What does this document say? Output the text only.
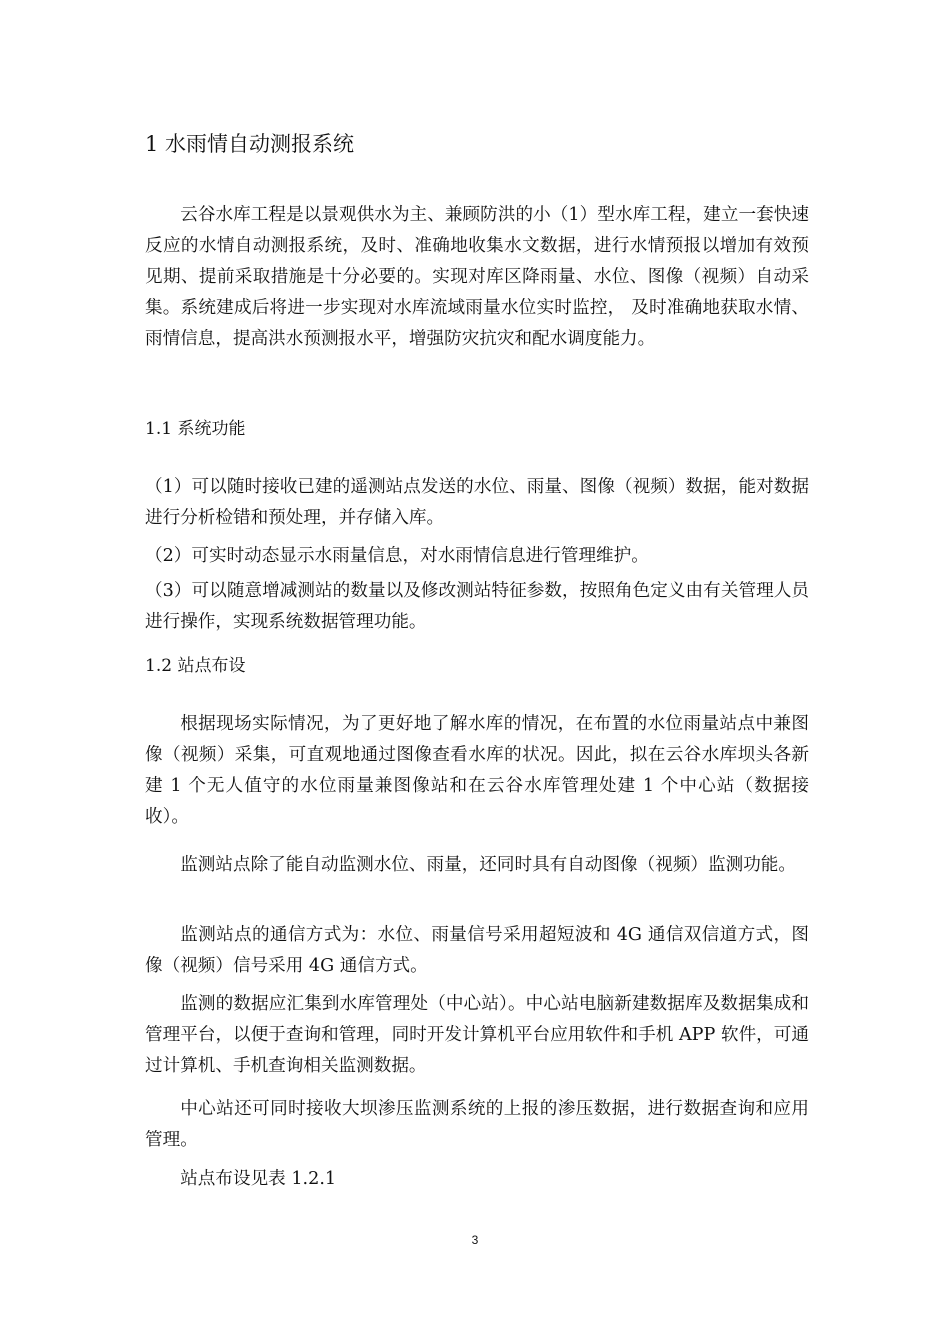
1 水雨情自动测报系统

云谷水库工程是以景观供水为主、兼顾防洪的小（1）型水库工程，建立一套快速反应的水情自动测报系统，及时、准确地收集水文数据，进行水情预报以增加有效预见期、提前采取措施是十分必要的。实现对库区降雨量、水位、图像（视频）自动采集。系统建成后将进一步实现对水库流域雨量水位实时监控， 及时准确地获取水情、雨情信息，提高洪水预测报水平，增强防灾抗灾和配水调度能力。

1.1 系统功能

（1）可以随时接收已建的遥测站点发送的水位、雨量、图像（视频）数据，能对数据进行分析检错和预处理，并存储入库。

（2）可实时动态显示水雨量信息，对水雨情信息进行管理维护。

（3）可以随意增减测站的数量以及修改测站特征参数，按照角色定义由有关管理人员进行操作，实现系统数据管理功能。

1.2 站点布设

根据现场实际情况，为了更好地了解水库的情况，在布置的水位雨量站点中兼图像（视频）采集，可直观地通过图像查看水库的状况。因此，拟在云谷水库坝头各新建 1 个无人值守的水位雨量兼图像站和在云谷水库管理处建 1 个中心站（数据接收）。

监测站点除了能自动监测水位、雨量，还同时具有自动图像（视频）监测功能。

监测站点的通信方式为：水位、雨量信号采用超短波和 4G 通信双信道方式，图像（视频）信号采用 4G 通信方式。

监测的数据应汇集到水库管理处（中心站）。中心站电脑新建数据库及数据集成和管理平台，以便于查询和管理，同时开发计算机平台应用软件和手机 APP 软件，可通过计算机、手机查询相关监测数据。

中心站还可同时接收大坝渗压监测系统的上报的渗压数据，进行数据查询和应用管理。

站点布设见表 1.2.1

3
